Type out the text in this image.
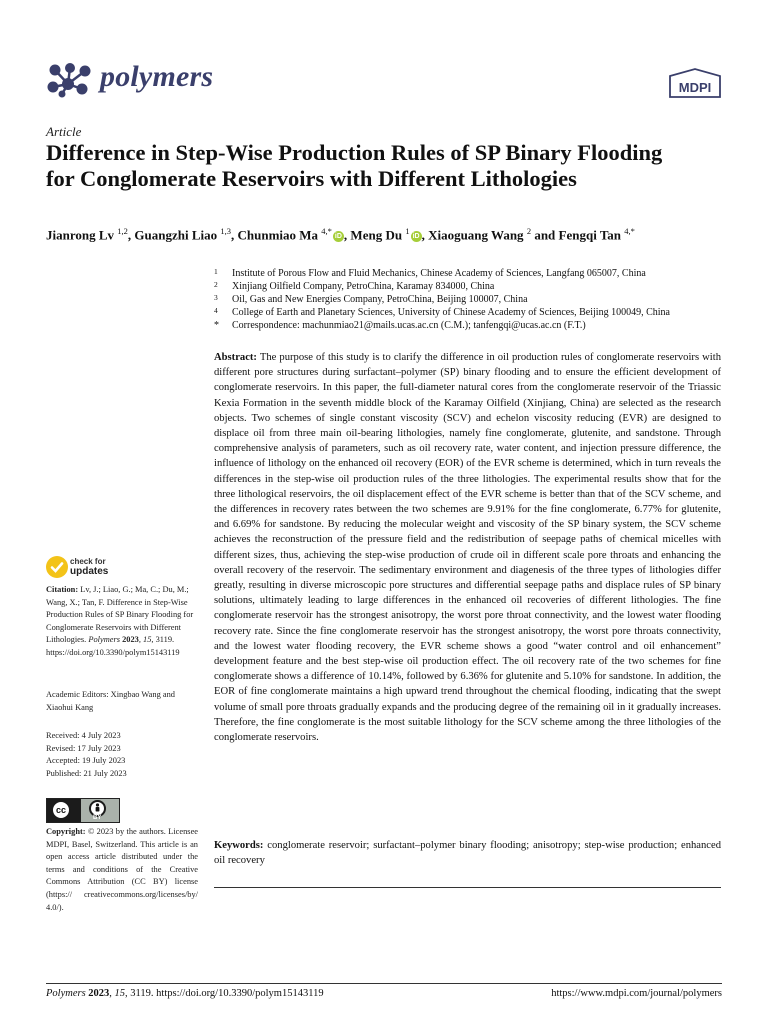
polymers	MDPI
Article
Difference in Step-Wise Production Rules of SP Binary Flooding for Conglomerate Reservoirs with Different Lithologies
Jianrong Lv $^{1,2}$, Guangzhi Liao $^{1,3}$, Chunmiao Ma $^{4,*}$iD , Meng Du $^1$iD , Xiaoguang Wang $^2$ and Fengqi Tan $^{4,*}$
1 Institute of Porous Flow and Fluid Mechanics, Chinese Academy of Sciences, Langfang 065007, China
2 Xinjiang Oilfield Company, PetroChina, Karamay 834000, China
3 Oil, Gas and New Energies Company, PetroChina, Beijing 100007, China
4 College of Earth and Planetary Sciences, University of Chinese Academy of Sciences, Beijing 100049, China
* Correspondence: machunmiao21@mails.ucas.ac.cn (C.M.); tanfengqi@ucas.ac.cn (F.T.)
Abstract: The purpose of this study is to clarify the difference in oil production rules of conglomerate reservoirs with different pore structures during surfactant–polymer (SP) binary flooding and to ensure the efficient development of conglomerate reservoirs. In this paper, the full-diameter natural cores from the conglomerate reservoir of the Triassic Kexia Formation in the seventh middle block of the Karamay Oilfield (Xinjiang, China) are selected as the research objects. Two schemes of single constant viscosity (SCV) and echelon viscosity reducing (EVR) are designed to displace oil from three main oil-bearing lithologies, namely fine conglomerate, glutenite, and sandstone. Through comprehensive analysis of parameters, such as oil recovery rate, water content, and injection pressure difference, the influence of lithology on the enhanced oil recovery (EOR) of the EVR scheme is determined, which in turn reveals the differences in the step-wise oil production rules of the three lithologies. The experimental results show that for the three lithological reservoirs, the oil displacement effect of the EVR scheme is better than that of the SCV scheme, and the differences in recovery rates between the two schemes are 9.91% for the fine conglomerate, 6.77% for glutenite, and 6.69% for sandstone. By reducing the molecular weight and viscosity of the SP binary system, the SCV scheme achieves the reconstruction of the pressure field and the redistribution of seepage paths of chemical micelles with different sizes, thus, achieving the step-wise production of crude oil in different scale pore throats and enhancing the overall recovery of the reservoir. The sedimentary environment and diagenesis of the three types of lithologies differ greatly, resulting in diverse microscopic pore structures and differential seepage paths and displace rules of SP binary solutions, ultimately leading to large differences in the enhanced oil recoveries of different lithologies. The fine conglomerate reservoir has the strongest anisotropy, the worst pore throat connectivity, and the lowest water flooding recovery rate. Since the fine conglomerate reservoir has the strongest anisotropy, the worst pore throats connectivity, and the lowest water flooding recovery, the EVR scheme shows a good “water control and oil enhancement” development feature and the best step-wise oil production effect. The oil recovery rate of the two schemes for fine conglomerate shows a difference of 10.14%, followed by 6.36% for glutenite and 5.10% for sandstone. In addition, the EOR of fine conglomerate maintains a high upward trend throughout the chemical flooding, indicating that the swept volume of small pore throats gradually expands and the producing degree of the remaining oil in it gradually increases. Therefore, the fine conglomerate is the most suitable lithology for the SCV scheme among the three lithologies of the conglomerate reservoirs.
Keywords: conglomerate reservoir; surfactant–polymer binary flooding; anisotropy; step-wise production; enhanced oil recovery
check for
updates
Citation: Lv, J.; Liao, G.; Ma, C.; Du, M.; Wang, X.; Tan, F. Difference in Step-Wise Production Rules of SP Binary Flooding for Conglomerate Reservoirs with Different Lithologies. Polymers 2023, 15, 3119. https://doi.org/10.3390/polym15143119
Academic Editors: Xingbao Wang and Xiaohui Kang
Received: 4 July 2023
Revised: 17 July 2023
Accepted: 19 July 2023
Published: 21 July 2023
cc
BY
Copyright: © 2023 by the authors. Licensee MDPI, Basel, Switzerland. This article is an open access article distributed under the terms and conditions of the Creative Commons Attribution (CC BY) license (https:// creativecommons.org/licenses/by/ 4.0/).
Polymers 2023, 15, 3119. https://doi.org/10.3390/polym15143119	https://www.mdpi.com/journal/polymers
